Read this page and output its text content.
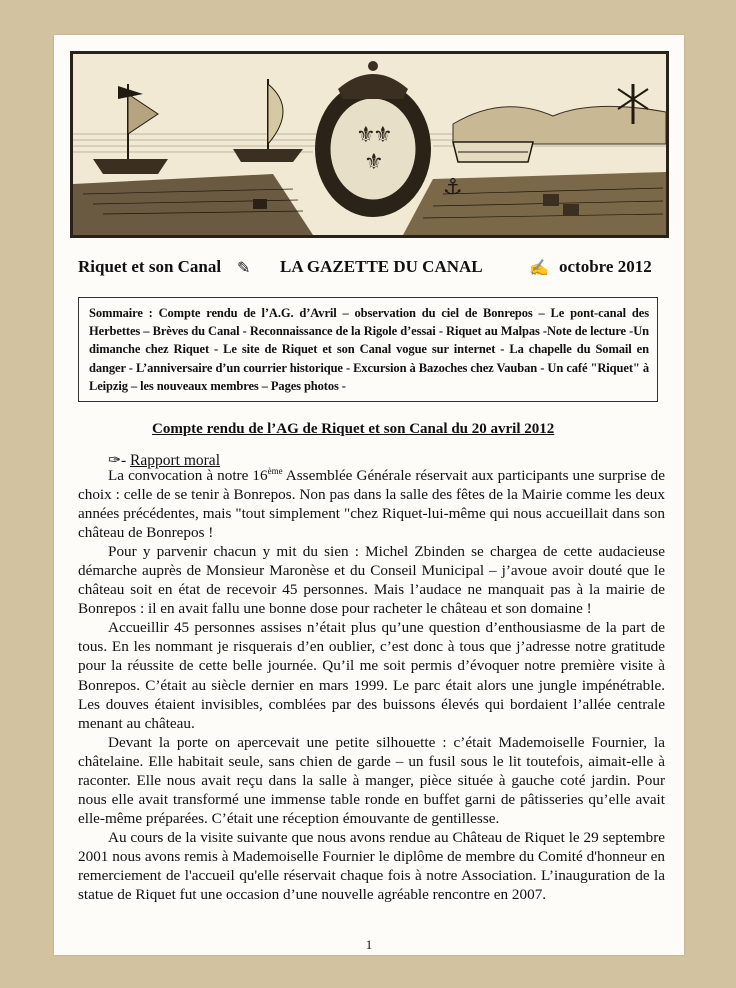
⚜
⚜
⚜
⚓
Riquet et son Canal ✎ LA GAZETTE DU CANAL	✍ octobre 2012
Sommaire : Compte rendu de l’A.G. d’Avril – observation du ciel de Bonrepos – Le pont-canal des Herbettes – Brèves du Canal - Reconnaissance de la Rigole d’essai - Riquet au Malpas -Note de lecture -Un dimanche chez Riquet - Le site de Riquet et son Canal vogue sur internet - La chapelle du Somail en danger - L’anniversaire d’un courrier historique - Excursion à Bazoches chez Vauban - Un café "Riquet" à Leipzig – les nouveaux membres – Pages photos -
Compte rendu de l’AG de Riquet et son Canal du 20 avril 2012
✑- Rapport moral

La convocation à notre 16ème Assemblée Générale réservait aux participants une surprise de choix : celle de se tenir à Bonrepos. Non pas dans la salle des fêtes de la Mairie comme les deux années précédentes, mais "tout simplement "chez Riquet-lui-même qui nous accueillait dans son château de Bonrepos !

Pour y parvenir chacun y mit du sien : Michel Zbinden se chargea de cette audacieuse démarche auprès de Monsieur Maronèse et du Conseil Municipal – j’avoue avoir douté que le château soit en état de recevoir 45 personnes. Mais l’audace ne manquait pas à la mairie de Bonrepos : il en avait fallu une bonne dose pour racheter le château et son domaine !

Accueillir 45 personnes assises n’était plus qu’une question d’enthousiasme de la part de tous. En les nommant je risquerais d’en oublier, c’est donc à tous que j’adresse notre gratitude pour la réussite de cette belle journée. Qu’il me soit permis d’évoquer notre première visite à Bonrepos. C’était au siècle dernier en mars 1999. Le parc était alors une jungle impénétrable. Les douves étaient invisibles, comblées par des buissons élevés qui bordaient l’allée centrale menant au château.

Devant la porte on apercevait une petite silhouette : c’était Mademoiselle Fournier, la châtelaine. Elle habitait seule, sans chien de garde – un fusil sous le lit toutefois, aimait-elle à raconter. Elle nous avait reçu dans la salle à manger, pièce située à gauche coté jardin. Pour nous elle avait transformé une immense table ronde en buffet garni de pâtisseries qu’elle avait elle-même préparées. C’était une réception émouvante de gentillesse.

Au cours de la visite suivante que nous avons rendue au Château de Riquet le 29 septembre 2001 nous avons remis à Mademoiselle Fournier le diplôme de membre du Comité d'honneur en remerciement de l'accueil qu'elle réservait chaque fois à notre Association. L’inauguration de la statue de Riquet fut une occasion d’une nouvelle agréable rencontre en 2007.

1
